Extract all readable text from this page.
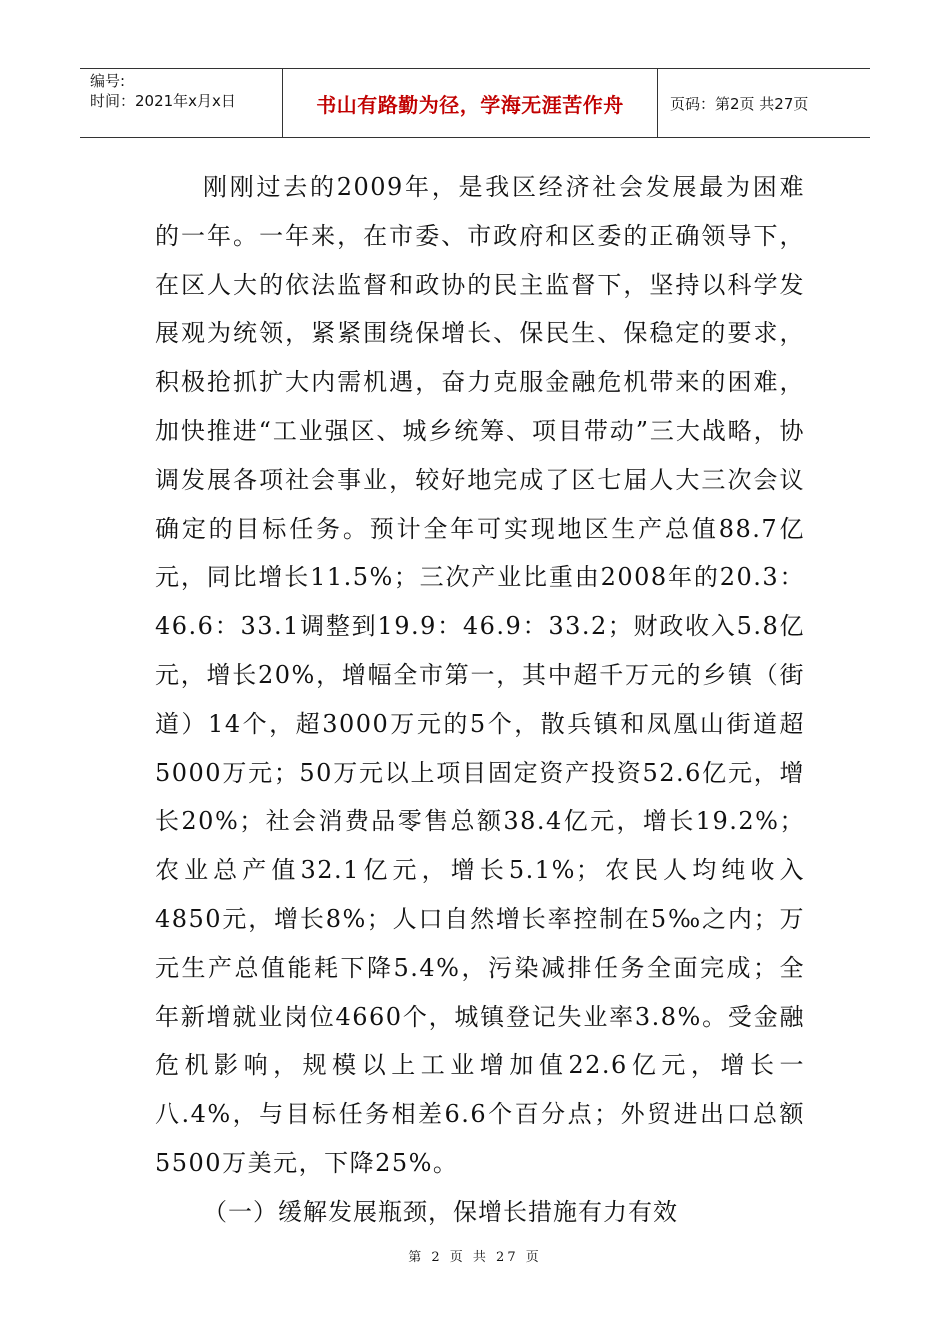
编号:
时间：2021年x月x日	书山有路勤为径，学海无涯苦作舟	页码：第2页 共27页

刚刚过去的2009年，是我区经济社会发展最为困难的一年。一年来，在市委、市政府和区委的正确领导下，在区人大的依法监督和政协的民主监督下，坚持以科学发展观为统领，紧紧围绕保增长、保民生、保稳定的要求，积极抢抓扩大内需机遇，奋力克服金融危机带来的困难，加快推进“工业强区、城乡统筹、项目带动”三大战略，协调发展各项社会事业，较好地完成了区七届人大三次会议确定的目标任务。预计全年可实现地区生产总值88.7亿元，同比增长11.5%；三次产业比重由2008年的20.3：46.6：33.1调整到19.9：46.9：33.2；财政收入5.8亿元，增长20%，增幅全市第一，其中超千万元的乡镇（街道）14个，超3000万元的5个，散兵镇和凤凰山街道超5000万元；50万元以上项目固定资产投资52.6亿元，增长20%；社会消费品零售总额38.4亿元，增长19.2%；农业总产值32.1亿元，增长5.1%；农民人均纯收入4850元，增长8%；人口自然增长率控制在5‰之内；万元生产总值能耗下降5.4%，污染减排任务全面完成；全年新增就业岗位4660个，城镇登记失业率3.8%。受金融危机影响，规模以上工业增加值22.6亿元，增长一八.4%，与目标任务相差6.6个百分点；外贸进出口总额5500万美元，下降25%。

（一）缓解发展瓶颈，保增长措施有力有效

第 2 页 共 27 页
